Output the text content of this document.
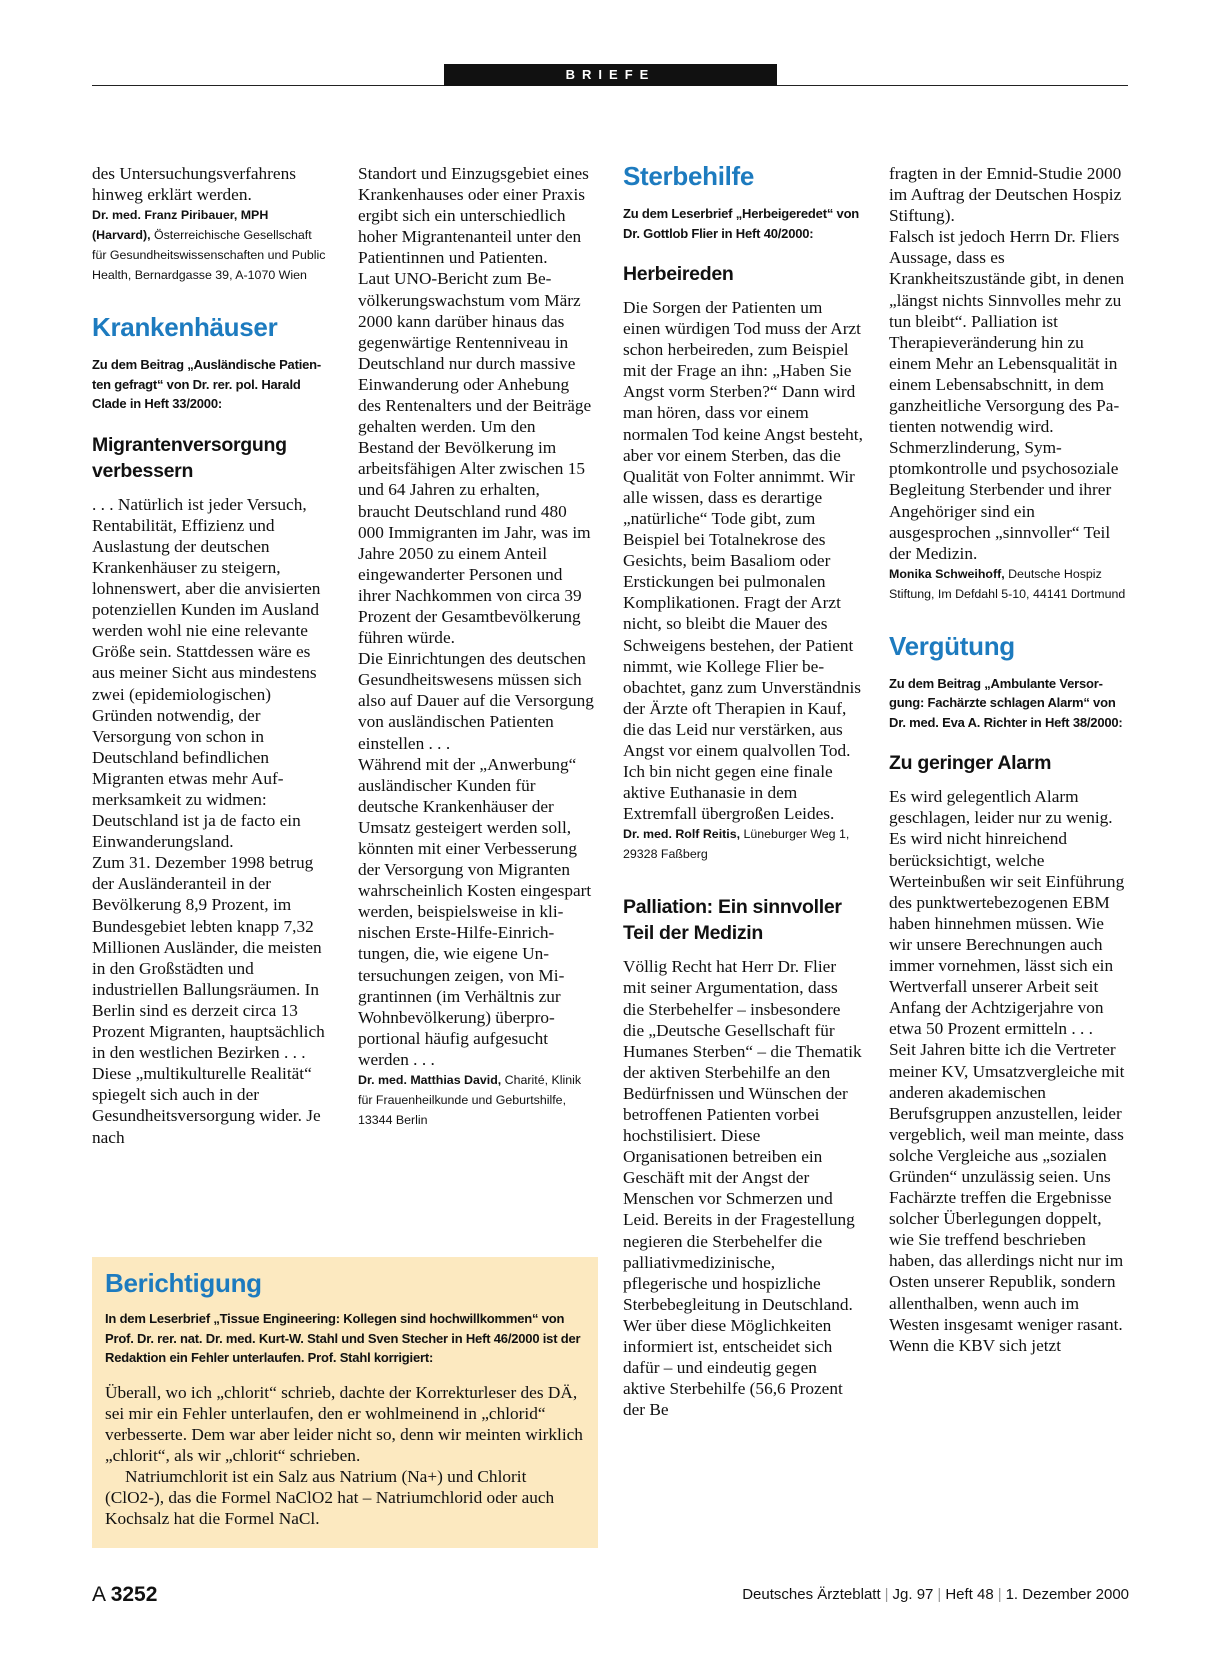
BRIEFE

des Untersuchungsverfahrens hinweg erklärt werden.

Dr. med. Franz Piribauer, MPH (Harvard), Österreichische Gesellschaft für Gesundheitswissenschaften und Public Health, Bernardgasse 39, A-1070 Wien

Krankenhäuser

Zu dem Beitrag „Ausländische Patienten gefragt“ von Dr. rer. pol. Harald Clade in Heft 33/2000:

Migrantenversorgung verbessern

. . . Natürlich ist jeder Versuch, Rentabilität, Effizienz und Auslastung der deutschen Krankenhäuser zu steigern, lohnenswert, aber die anvisierten potenziellen Kunden im Ausland werden wohl nie eine relevante Größe sein. Stattdessen wäre es aus meiner Sicht aus mindestens zwei (epidemiologischen) Gründen notwendig, der Versorgung von schon in Deutschland befindlichen Migranten etwas mehr Aufmerksamkeit zu widmen: Deutschland ist ja de facto ein Einwanderungsland.

Zum 31. Dezember 1998 betrug der Ausländeranteil in der Bevölkerung 8,9 Prozent, im Bundesgebiet lebten knapp 7,32 Millionen Ausländer, die meisten in den Großstädten und industriellen Ballungsräumen. In Berlin sind es derzeit circa 13 Prozent Migranten, hauptsächlich in den westlichen Bezirken . . . Diese „multikulturelle Realität“ spiegelt sich auch in der Gesundheitsversorgung wider. Je nach

Standort und Einzugsgebiet eines Krankenhauses oder einer Praxis ergibt sich ein unterschiedlich hoher Migrantenanteil unter den Patientinnen und Patienten.

Laut UNO-Bericht zum Bevölkerungswachstum vom März 2000 kann darüber hinaus das gegenwärtige Rentenniveau in Deutschland nur durch massive Einwanderung oder Anhebung des Rentenalters und der Beiträge gehalten werden. Um den Bestand der Bevölkerung im arbeitsfähigen Alter zwischen 15 und 64 Jahren zu erhalten, braucht Deutschland rund 480 000 Immigranten im Jahr, was im Jahre 2050 zu einem Anteil eingewanderter Personen und ihrer Nachkommen von circa 39 Prozent der Gesamtbevölkerung führen würde.

Die Einrichtungen des deutschen Gesundheitswesens müssen sich also auf Dauer auf die Versorgung von ausländischen Patienten einstellen . . .

Während mit der „Anwerbung“ ausländischer Kunden für deutsche Krankenhäuser der Umsatz gesteigert werden soll, könnten mit einer Verbesserung der Versorgung von Migranten wahrscheinlich Kosten eingespart werden, beispielsweise in klinischen Erste-Hilfe-Einrichtungen, die, wie eigene Untersuchungen zeigen, von Migrantinnen (im Verhältnis zur Wohnbevölkerung) überproportional häufig aufgesucht werden . . .

Dr. med. Matthias David, Charité, Klinik für Frauenheilkunde und Geburtshilfe, 13344 Berlin

Sterbehilfe

Zu dem Leserbrief „Herbeigeredet“ von Dr. Gottlob Flier in Heft 40/2000:

Herbeireden

Die Sorgen der Patienten um einen würdigen Tod muss der Arzt schon herbeireden, zum Beispiel mit der Frage an ihn: „Haben Sie Angst vorm Sterben?“ Dann wird man hören, dass vor einem normalen Tod keine Angst besteht, aber vor einem Sterben, das die Qualität von Folter annimmt. Wir alle wissen, dass es derartige „natürliche“ Tode gibt, zum Beispiel bei Totalnekrose des Gesichts, beim Basaliom oder Erstickungen bei pulmonalen Komplikationen. Fragt der Arzt nicht, so bleibt die Mauer des Schweigens bestehen, der Patient nimmt, wie Kollege Flier beobachtet, ganz zum Unverständnis der Ärzte oft Therapien in Kauf, die das Leid nur verstärken, aus Angst vor einem qualvollen Tod. Ich bin nicht gegen eine finale aktive Euthanasie in dem Extremfall übergroßen Leides.

Dr. med. Rolf Reitis, Lüneburger Weg 1, 29328 Faßberg

Palliation: Ein sinnvoller Teil der Medizin

Völlig Recht hat Herr Dr. Flier mit seiner Argumentation, dass die Sterbehelfer – insbesondere die „Deutsche Gesellschaft für Humanes Sterben“ – die Thematik der aktiven Sterbehilfe an den Bedürfnissen und Wünschen der betroffenen Patienten vorbei hochstilisiert. Diese Organisationen betreiben ein Geschäft mit der Angst der Menschen vor Schmerzen und Leid. Bereits in der Fragestellung negieren die Sterbehelfer die palliativmedizinische, pflegerische und hospizliche Sterbebegleitung in Deutschland. Wer über diese Möglichkeiten informiert ist, entscheidet sich dafür – und eindeutig gegen aktive Sterbehilfe (56,6 Prozent der Be

fragten in der Emnid-Studie 2000 im Auftrag der Deutschen Hospiz Stiftung).

Falsch ist jedoch Herrn Dr. Fliers Aussage, dass es Krankheitszustände gibt, in denen „längst nichts Sinnvolles mehr zu tun bleibt“. Palliation ist Therapieveränderung hin zu einem Mehr an Lebensqualität in einem Lebensabschnitt, in dem ganzheitliche Versorgung des Patienten notwendig wird. Schmerzlinderung, Symptomkontrolle und psychosoziale Begleitung Sterbender und ihrer Angehöriger sind ein ausgesprochen „sinnvoller“ Teil der Medizin.

Monika Schweihoff, Deutsche Hospiz Stiftung, Im Defdahl 5-10, 44141 Dortmund

Vergütung

Zu dem Beitrag „Ambulante Versorgung: Fachärzte schlagen Alarm“ von Dr. med. Eva A. Richter in Heft 38/2000:

Zu geringer Alarm

Es wird gelegentlich Alarm geschlagen, leider nur zu wenig. Es wird nicht hinreichend berücksichtigt, welche Werteinbußen wir seit Einführung des punktwertebezogenen EBM haben hinnehmen müssen. Wie wir unsere Berechnungen auch immer vornehmen, lässt sich ein Wertverfall unserer Arbeit seit Anfang der Achtzigerjahre von etwa 50 Prozent ermitteln . . .

Seit Jahren bitte ich die Vertreter meiner KV, Umsatzvergleiche mit anderen akademischen Berufsgruppen anzustellen, leider vergeblich, weil man meinte, dass solche Vergleiche aus „sozialen Gründen“ unzulässig seien. Uns Fachärzte treffen die Ergebnisse solcher Überlegungen doppelt, wie Sie treffend beschrieben haben, das allerdings nicht nur im Osten unserer Republik, sondern allenthalben, wenn auch im Westen insgesamt weniger rasant.

Wenn die KBV sich jetzt

Berichtigung

In dem Leserbrief „Tissue Engineering: Kollegen sind hochwillkommen“ von Prof. Dr. rer. nat. Dr. med. Kurt-W. Stahl und Sven Stecher in Heft 46/2000 ist der Redaktion ein Fehler unterlaufen. Prof. Stahl korrigiert:

Überall, wo ich „chlorit“ schrieb, dachte der Korrekturleser des DÄ, sei mir ein Fehler unterlaufen, den er wohlmeinend in „chlorid“ verbesserte. Dem war aber leider nicht so, denn wir meinten wirklich „chlorit“, als wir „chlorit“ schrieben.

Natriumchlorit ist ein Salz aus Natrium (Na+) und Chlorit (ClO2-), das die Formel NaClO2 hat – Natriumchlorid oder auch Kochsalz hat die Formel NaCl.

A 3252	Deutsches Ärzteblatt | Jg. 97 | Heft 48 | 1. Dezember 2000
